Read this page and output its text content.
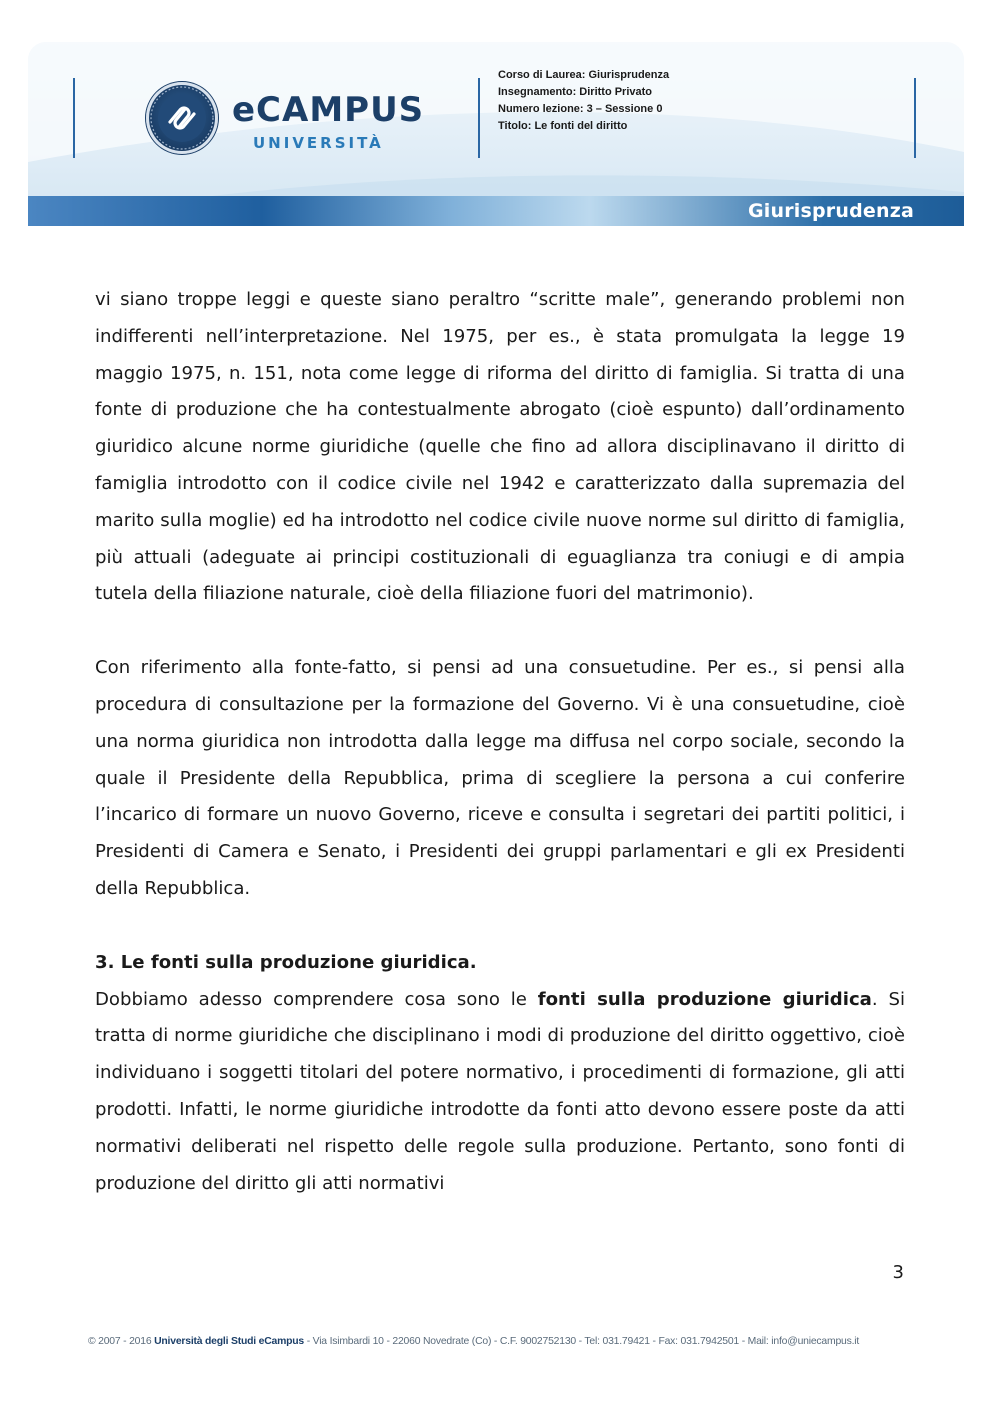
Giurisprudenza
eCAMPUS
UNIVERSITÀ
Corso di Laurea: Giurisprudenza
Insegnamento: Diritto Privato
Numero lezione: 3 – Sessione 0
Titolo: Le fonti del diritto

vi siano troppe leggi e queste siano peraltro “scritte male”, generando problemi non indifferenti nell’interpretazione. Nel 1975, per es., è stata promulgata la legge 19 maggio 1975, n. 151, nota come legge di riforma del diritto di famiglia. Si tratta di una fonte di produzione che ha contestualmente abrogato (cioè espunto) dall’ordinamento giuridico alcune norme giuridiche (quelle che fino ad allora disciplinavano il diritto di famiglia introdotto con il codice civile nel 1942 e caratterizzato dalla supremazia del marito sulla moglie) ed ha introdotto nel codice civile nuove norme sul diritto di famiglia, più attuali (adeguate ai principi costituzionali di eguaglianza tra coniugi e di ampia tutela della filiazione naturale, cioè della filiazione fuori del matrimonio).

Con riferimento alla fonte-fatto, si pensi ad una consuetudine. Per es., si pensi alla procedura di consultazione per la formazione del Governo. Vi è una consuetudine, cioè una norma giuridica non introdotta dalla legge ma diffusa nel corpo sociale, secondo la quale il Presidente della Repubblica, prima di scegliere la persona a cui conferire l’incarico di formare un nuovo Governo, riceve e consulta i segretari dei partiti politici, i Presidenti di Camera e Senato, i Presidenti dei gruppi parlamentari e gli ex Presidenti della Repubblica.

3. Le fonti sulla produzione giuridica.

Dobbiamo adesso comprendere cosa sono le fonti sulla produzione giuridica. Si tratta di norme giuridiche che disciplinano i modi di produzione del diritto oggettivo, cioè individuano i soggetti titolari del potere normativo, i procedimenti di formazione, gli atti prodotti. Infatti, le norme giuridiche introdotte da fonti atto devono essere poste da atti normativi deliberati nel rispetto delle regole sulla produzione. Pertanto, sono fonti di produzione del diritto gli atti normativi

3
© 2007 - 2016 Università degli Studi eCampus - Via Isimbardi 10 - 22060 Novedrate (Co) - C.F. 9002752130 - Tel: 031.79421 - Fax: 031.7942501 - Mail: info@uniecampus.it
